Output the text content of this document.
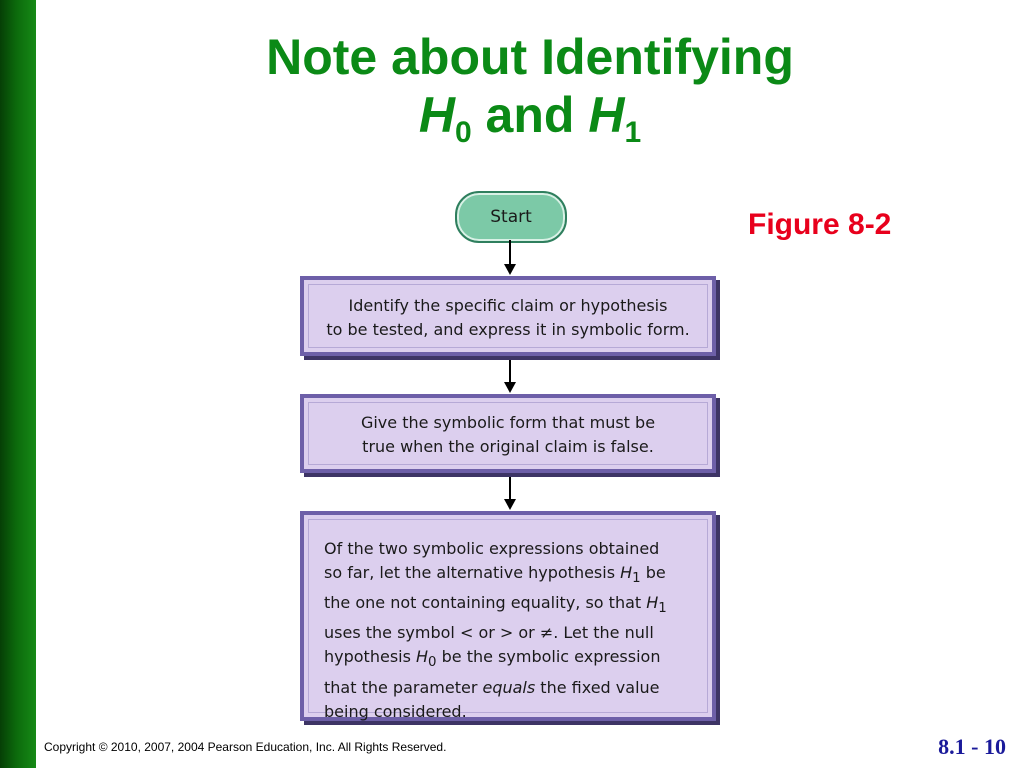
Note about Identifying
$H_0$ and $H_1$
Figure 8-2
Start
Identify the specific claim or hypothesis
to be tested, and express it in symbolic form.
Give the symbolic form that must be
true when the original claim is false.
Of the two symbolic expressions obtained
so far, let the alternative hypothesis $H_1$ be
the one not containing equality, so that $H_1$
uses the symbol < or > or ≠. Let the null
hypothesis $H_0$ be the symbolic expression
that the parameter equals the fixed value
being considered.
Copyright © 2010, 2007, 2004 Pearson Education, Inc. All Rights Reserved.	8.1 - 10
